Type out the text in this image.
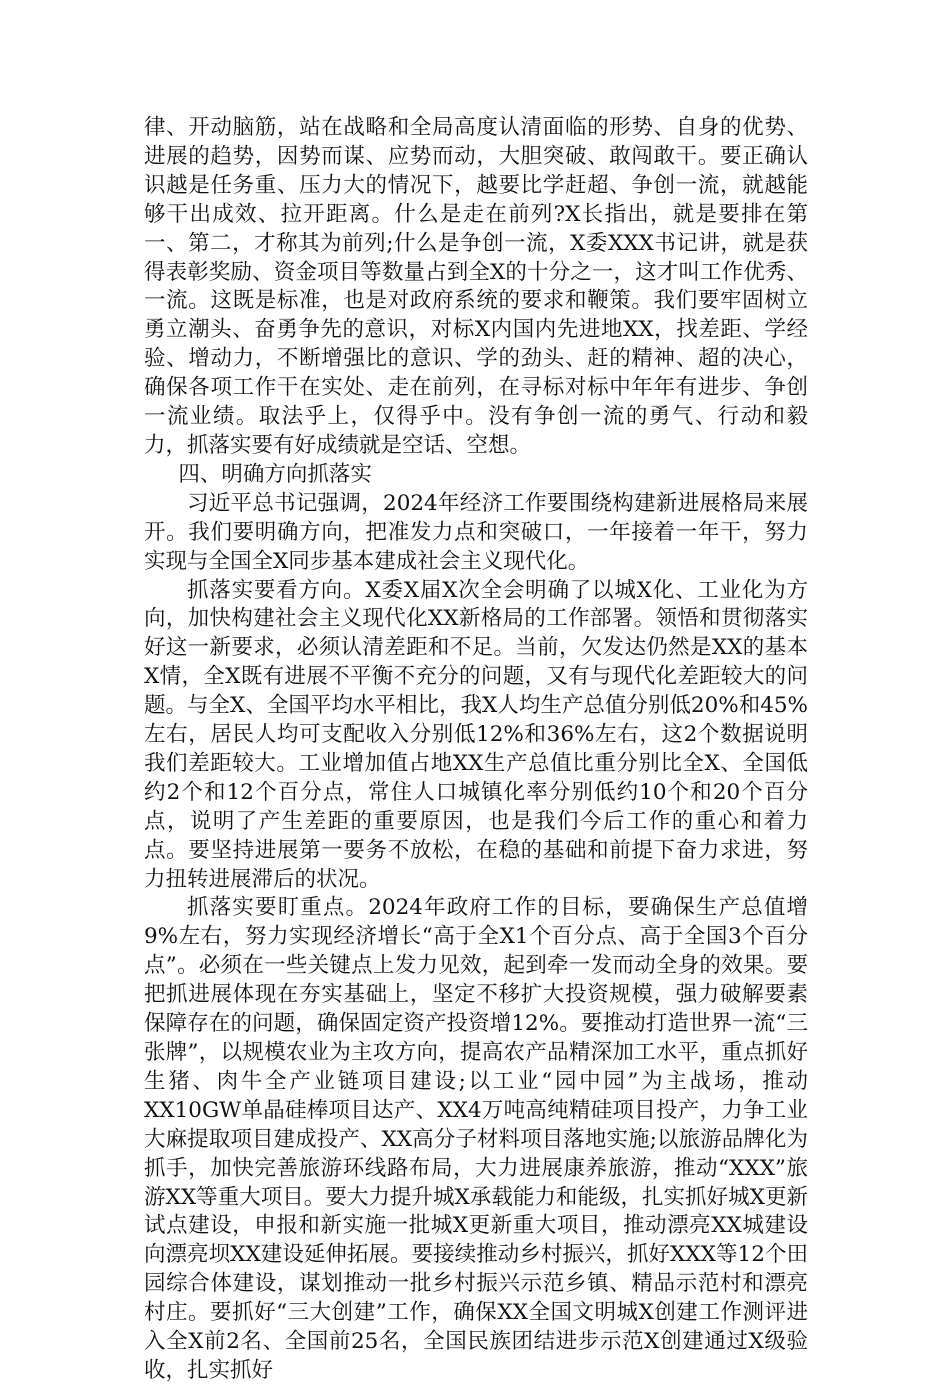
律、开动脑筋，站在战略和全局高度认清面临的形势、自身的优势、进展的趋势，因势而谋、应势而动，大胆突破、敢闯敢干。要正确认识越是任务重、压力大的情况下，越要比学赶超、争创一流，就越能够干出成效、拉开距离。什么是走在前列?X长指出，就是要排在第一、第二，才称其为前列;什么是争创一流，X委XXX书记讲，就是获得表彰奖励、资金项目等数量占到全X的十分之一，这才叫工作优秀、一流。这既是标准，也是对政府系统的要求和鞭策。我们要牢固树立勇立潮头、奋勇争先的意识，对标X内国内先进地XX，找差距、学经验、增动力，不断增强比的意识、学的劲头、赶的精神、超的决心，确保各项工作干在实处、走在前列，在寻标对标中年年有进步、争创一流业绩。取法乎上，仅得乎中。没有争创一流的勇气、行动和毅力，抓落实要有好成绩就是空话、空想。

四、明确方向抓落实

习近平总书记强调，2024年经济工作要围绕构建新进展格局来展开。我们要明确方向，把准发力点和突破口，一年接着一年干，努力实现与全国全X同步基本建成社会主义现代化。

抓落实要看方向。X委X届X次全会明确了以城X化、工业化为方向，加快构建社会主义现代化XX新格局的工作部署。领悟和贯彻落实好这一新要求，必须认清差距和不足。当前，欠发达仍然是XX的基本X情，全X既有进展不平衡不充分的问题，又有与现代化差距较大的问题。与全X、全国平均水平相比，我X人均生产总值分别低20%和45%左右，居民人均可支配收入分别低12%和36%左右，这2个数据说明我们差距较大。工业增加值占地XX生产总值比重分别比全X、全国低约2个和12个百分点，常住人口城镇化率分别低约10个和20个百分点，说明了产生差距的重要原因，也是我们今后工作的重心和着力点。要坚持进展第一要务不放松，在稳的基础和前提下奋力求进，努力扭转进展滞后的状况。

抓落实要盯重点。2024年政府工作的目标，要确保生产总值增9%左右，努力实现经济增长“高于全X1个百分点、高于全国3个百分点”。必须在一些关键点上发力见效，起到牵一发而动全身的效果。要把抓进展体现在夯实基础上，坚定不移扩大投资规模，强力破解要素保障存在的问题，确保固定资产投资增12%。要推动打造世界一流“三张牌”，以规模农业为主攻方向，提高农产品精深加工水平，重点抓好生猪、肉牛全产业链项目建设;以工业“园中园”为主战场，推动XX10GW单晶硅棒项目达产、XX4万吨高纯精硅项目投产，力争工业大麻提取项目建成投产、XX高分子材料项目落地实施;以旅游品牌化为抓手，加快完善旅游环线路布局，大力进展康养旅游，推动“XXX”旅游XX等重大项目。要大力提升城X承载能力和能级，扎实抓好城X更新试点建设，申报和新实施一批城X更新重大项目，推动漂亮XX城建设向漂亮坝XX建设延伸拓展。要接续推动乡村振兴，抓好XXX等12个田园综合体建设，谋划推动一批乡村振兴示范乡镇、精品示范村和漂亮村庄。要抓好“三大创建”工作，确保XX全国文明城X创建工作测评进入全X前2名、全国前25名，全国民族团结进步示范X创建通过X级验收，扎实抓好
